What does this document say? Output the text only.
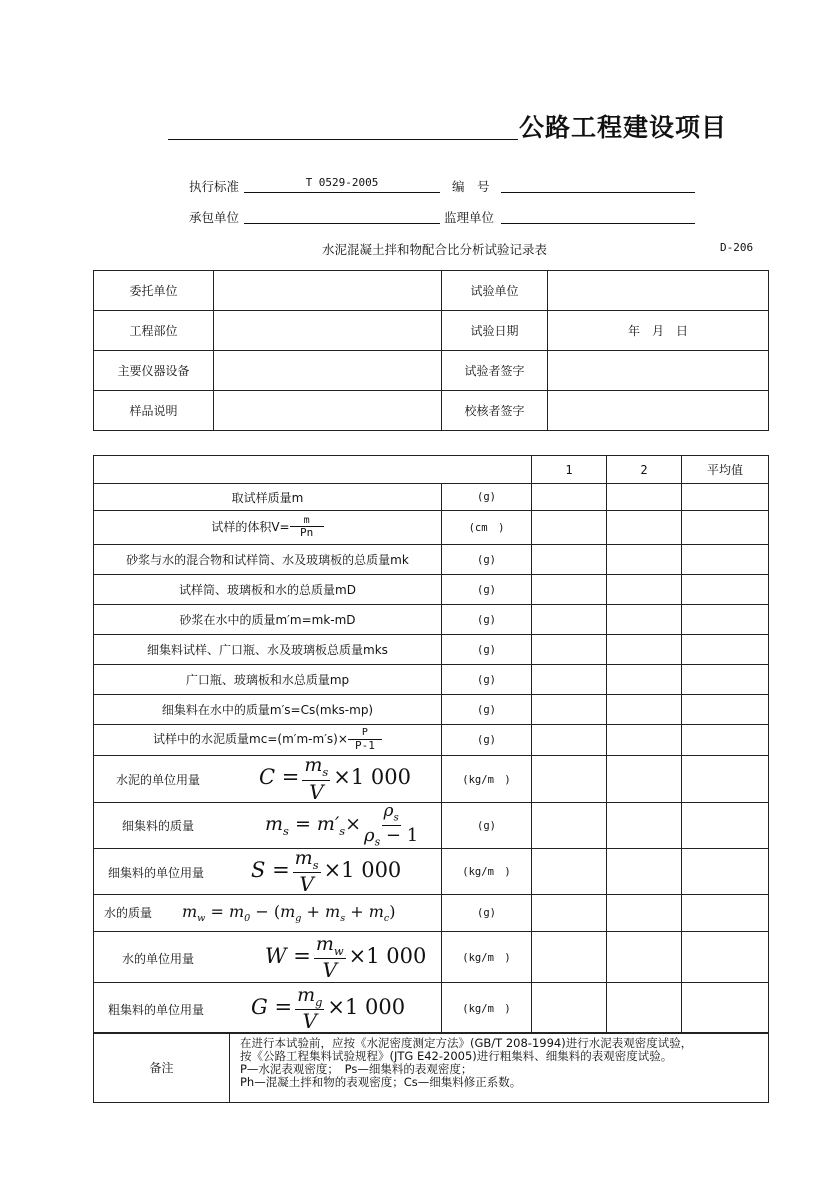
公路工程建设项目
执行标准	T 0529-2005	编　号
承包单位	监理单位
水泥混凝土拌和物配合比分析试验记录表	D-206
委托单位		试验单位	
工程部位		试验日期	年　月　日
主要仪器设备		试验者签字	
样品说明		校核者签字	
		1	2	平均值
取试样质量m	(g)			
试样的体积$V= \frac{m}{Pn}$	(cm　)			
砂浆与水的混合物和试样筒、水及玻璃板的总质量mk	(g)			
试样筒、玻璃板和水的总质量mD	(g)			
砂浆在水中的质量m′m=mk-mD	(g)			
细集料试样、广口瓶、水及玻璃板总质量mks	(g)			
广口瓶、玻璃板和水总质量mp	(g)			
细集料在水中的质量m′s=Cs(mks-mp)	(g)			
试样中的水泥质量$mc=(m'm-m's)\times \frac{P}{P-1}$	(g)			
水泥的单位用量 $C = \frac{m_s}{V} \times 1$ 000	(kg/m　)			
细集料的质量 $m_s = m'_s\times \frac{\rho_s}{\rho_s - 1}$	(g)			
细集料的单位用量 $S = \frac{m_s}{V} \times 1$ 000	(kg/m　)			
水的质量 $m_w = m_0 - (m_g + m_s + m_c)$	(g)			
水的单位用量 $W = \frac{m_w}{V} \times 1$ 000	(kg/m　)			
粗集料的单位用量 $G = \frac{m_g}{V} \times 1$ 000	(kg/m　)			
备注	
在进行本试验前，应按《水泥密度测定方法》(GB/T 208-1994)进行水泥表观密度试验，
按《公路工程集料试验规程》(JTG E42-2005)进行粗集料、细集料的表观密度试验。
P—水泥表观密度；　Ps—细集料的表观密度；
Ph—混凝土拌和物的表观密度；Cs—细集料修正系数。
